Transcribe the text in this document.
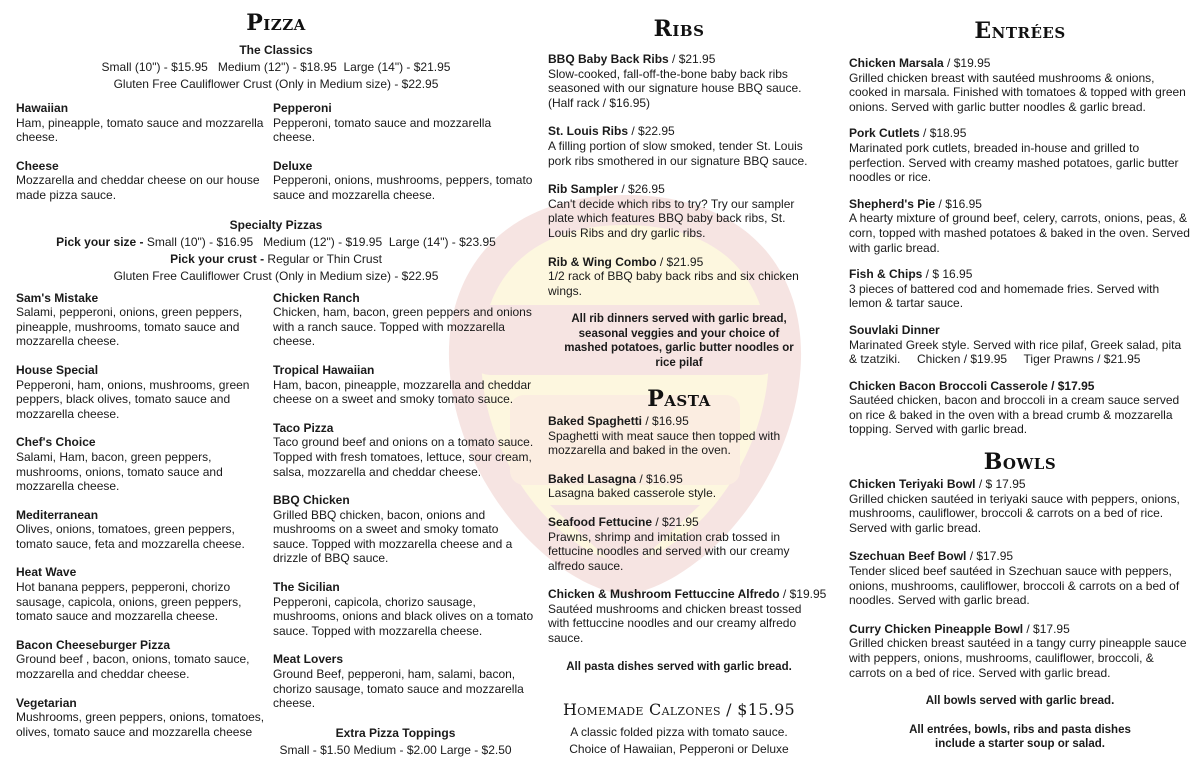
Pizza
The Classics
Small (10") - $15.95   Medium (12") - $18.95  Large (14") - $21.95
Gluten Free Cauliflower Crust (Only in Medium size) - $22.95
Hawaiian
Ham, pineapple, tomato sauce and mozzarella cheese.
Pepperoni
Pepperoni, tomato sauce and mozzarella cheese.
Cheese
Mozzarella and cheddar cheese on our house made pizza sauce.
Deluxe
Pepperoni, onions, mushrooms, peppers, tomato sauce and mozzarella cheese.
Specialty Pizzas
Pick your size - Small (10") - $16.95   Medium (12") - $19.95  Large (14") - $23.95
Pick your crust - Regular or Thin Crust
Gluten Free Cauliflower Crust (Only in Medium size) - $22.95
Sam's Mistake
Salami, pepperoni, onions, green peppers, pineapple, mushrooms, tomato sauce and mozzarella cheese.
House Special
Pepperoni, ham, onions, mushrooms, green peppers, black olives, tomato sauce and mozzarella cheese.
Chef's Choice
Salami, Ham, bacon, green peppers, mushrooms, onions, tomato sauce and mozzarella cheese.
Mediterranean
Olives, onions, tomatoes, green peppers, tomato sauce, feta and mozzarella cheese.
Heat Wave
Hot banana peppers, pepperoni, chorizo sausage, capicola, onions, green peppers, tomato sauce and mozzarella cheese.
Bacon Cheeseburger Pizza
Ground beef , bacon, onions, tomato sauce, mozzarella and cheddar cheese.
Vegetarian
Mushrooms, green peppers, onions, tomatoes, olives, tomato sauce and mozzarella cheese
Chicken Ranch
Chicken, ham, bacon, green peppers and onions with a ranch sauce. Topped with mozzarella cheese.
Tropical Hawaiian
Ham, bacon, pineapple, mozzarella and cheddar cheese on a sweet and smoky tomato sauce.
Taco Pizza
Taco ground beef and onions on a tomato sauce. Topped with fresh tomatoes, lettuce, sour cream, salsa, mozzarella and cheddar cheese.
BBQ Chicken
Grilled BBQ chicken, bacon, onions and mushrooms on a sweet and smoky tomato sauce. Topped with mozzarella cheese and a drizzle of BBQ sauce.
The Sicilian
Pepperoni, capicola, chorizo sausage, mushrooms, onions and black olives on a tomato sauce. Topped with mozzarella cheese.
Meat Lovers
Ground Beef, pepperoni, ham, salami, bacon, chorizo sausage, tomato sauce and mozzarella cheese.
Extra Pizza Toppings
Small - $1.50 Medium - $2.00 Large - $2.50
Ribs
BBQ Baby Back Ribs / $21.95
Slow-cooked, fall-off-the-bone baby back ribs seasoned with our signature house BBQ sauce. (Half rack / $16.95)
St. Louis Ribs / $22.95
A filling portion of slow smoked, tender St. Louis pork ribs smothered in our signature BBQ sauce.
Rib Sampler / $26.95
Can't decide which ribs to try? Try our sampler plate which features BBQ baby back ribs, St. Louis Ribs and dry garlic ribs.
Rib & Wing Combo / $21.95
1/2 rack of BBQ baby back ribs and six chicken wings.
All rib dinners served with garlic bread, seasonal veggies and your choice of mashed potatoes, garlic butter noodles or rice pilaf
Pasta
Baked Spaghetti / $16.95
Spaghetti with meat sauce then topped with mozzarella and baked in the oven.
Baked Lasagna / $16.95
Lasagna baked casserole style.
Seafood Fettucine / $21.95
Prawns, shrimp and imitation crab tossed in fettucine noodles and served with our creamy alfredo sauce.
Chicken & Mushroom Fettuccine Alfredo / $19.95
Sautéed mushrooms and chicken breast tossed with fettuccine noodles and our creamy alfredo sauce.
All pasta dishes served with garlic bread.
Homemade Calzones / $15.95
A classic folded pizza with tomato sauce.
Choice of Hawaiian, Pepperoni or Deluxe
Entrées
Chicken Marsala / $19.95
Grilled chicken breast with sautéed mushrooms & onions, cooked in marsala. Finished with tomatoes & topped with green onions. Served with garlic butter noodles & garlic bread.
Pork Cutlets / $18.95
Marinated pork cutlets, breaded in-house and grilled to perfection. Served with creamy mashed potatoes, garlic butter noodles or rice.
Shepherd's Pie / $16.95
A hearty mixture of ground beef, celery, carrots, onions, peas, & corn, topped with mashed potatoes & baked in the oven. Served with garlic bread.
Fish & Chips / $ 16.95
3 pieces of battered cod and homemade fries. Served with lemon & tartar sauce.
Souvlaki Dinner
Marinated Greek style. Served with rice pilaf, Greek salad, pita & tzatziki.     Chicken / $19.95     Tiger Prawns / $21.95
Chicken Bacon Broccoli Casserole / $17.95
Sautéed chicken, bacon and broccoli in a cream sauce served on rice & baked in the oven with a bread crumb & mozzarella topping. Served with garlic bread.
Bowls
Chicken Teriyaki Bowl / $ 17.95
Grilled chicken sautéed in teriyaki sauce with peppers, onions, mushrooms, cauliflower, broccoli & carrots on a bed of rice. Served with garlic bread.
Szechuan Beef Bowl / $17.95
Tender sliced beef sautéed in Szechuan sauce with peppers, onions, mushrooms, cauliflower, broccoli & carrots on a bed of noodles. Served with garlic bread.
Curry Chicken Pineapple Bowl / $17.95
Grilled chicken breast sautéed in a tangy curry pineapple sauce with peppers, onions, mushrooms, cauliflower, broccoli, & carrots on a bed of rice. Served with garlic bread.
All bowls served with garlic bread.
All entrées, bowls, ribs and pasta dishes include a starter soup or salad.
